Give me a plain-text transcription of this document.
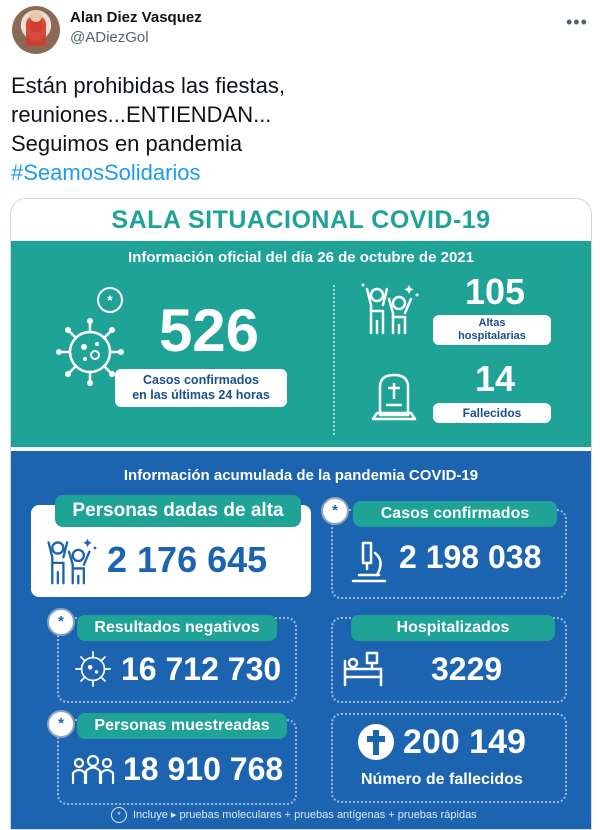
Alan Diez Vasquez
@ADiezGol
•••
Están prohibidas las fiestas,
reuniones...ENTIENDAN...
Seguimos en pandemia
#SeamosSolidarios
SALA SITUACIONAL COVID-19
Información oficial del día 26 de octubre de 2021
* 526
Casos confirmados
en las últimas 24 horas
105
Altas
hospitalarias
14
Fallecidos
Información acumulada de la pandemia COVID-19
Personas dadas de alta
2 176 645
*	Casos confirmados
2 198 038
*	Resultados negativos
16 712 730
Hospitalizados
3229
*	Personas muestreadas
18 910 768
200 149
Número de fallecidos
* Incluye ▸ pruebas moleculares + pruebas antígenas + pruebas rápidas
